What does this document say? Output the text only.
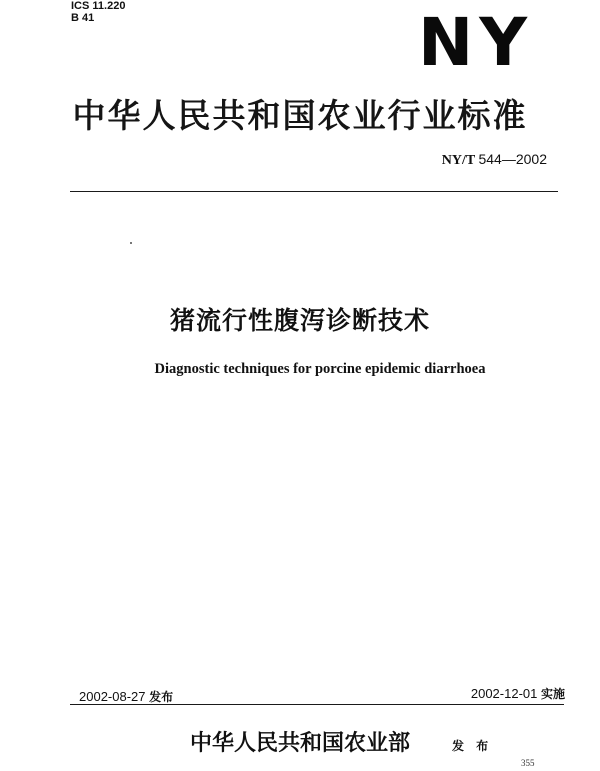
ICS 11.220
B 41	NY
中华人民共和国农业行业标准
NY/T 544—2002
猪流行性腹泻诊断技术
Diagnostic techniques for porcine epidemic diarrhoea
2002-08-27 发布	2002-12-01 实施
中华人民共和国农业部	发 布
355
